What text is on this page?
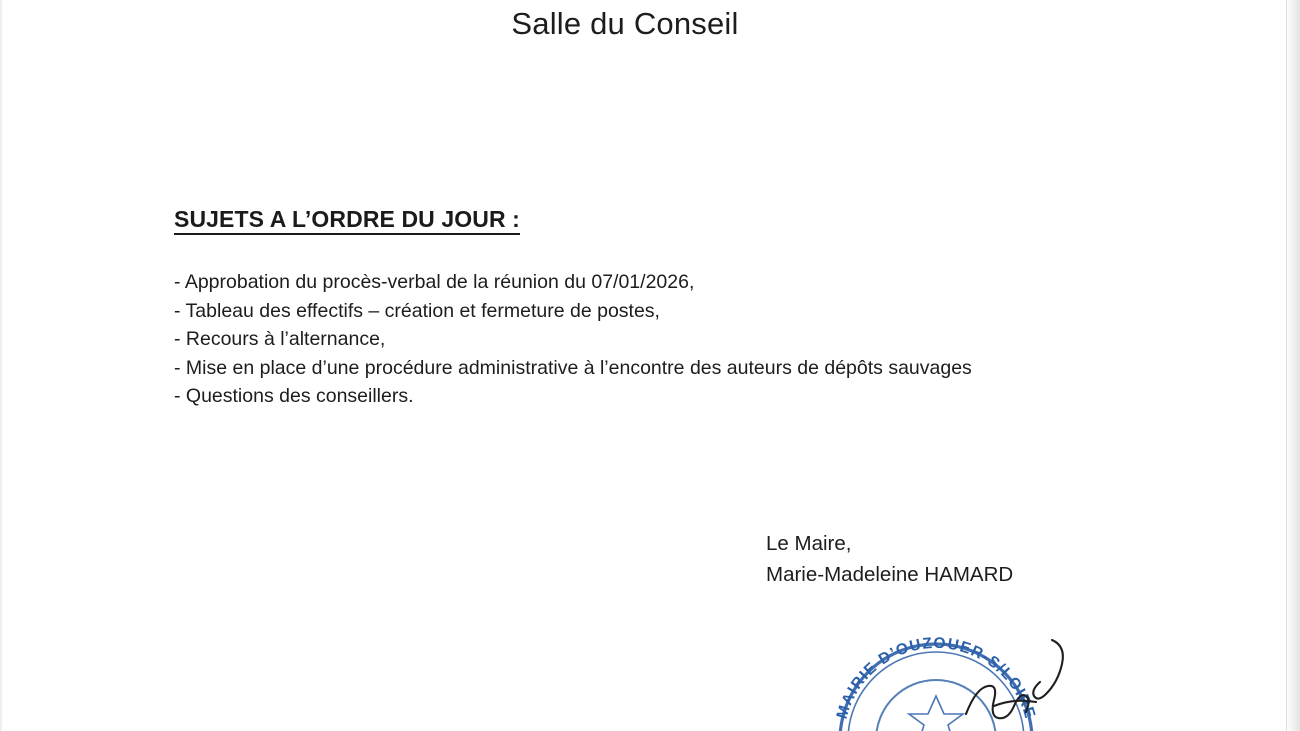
Salle du Conseil
SUJETS A L’ORDRE DU JOUR :
- Approbation du procès-verbal de la réunion du 07/01/2026,
- Tableau des effectifs – création et fermeture de postes,
- Recours à l’alternance,
- Mise en place d’une procédure administrative à l’encontre des auteurs de dépôts sauvages
- Questions des conseillers.
Le Maire,
Marie-Madeleine HAMARD
MAIRIE D’OUZOUER-S/LOIRE
